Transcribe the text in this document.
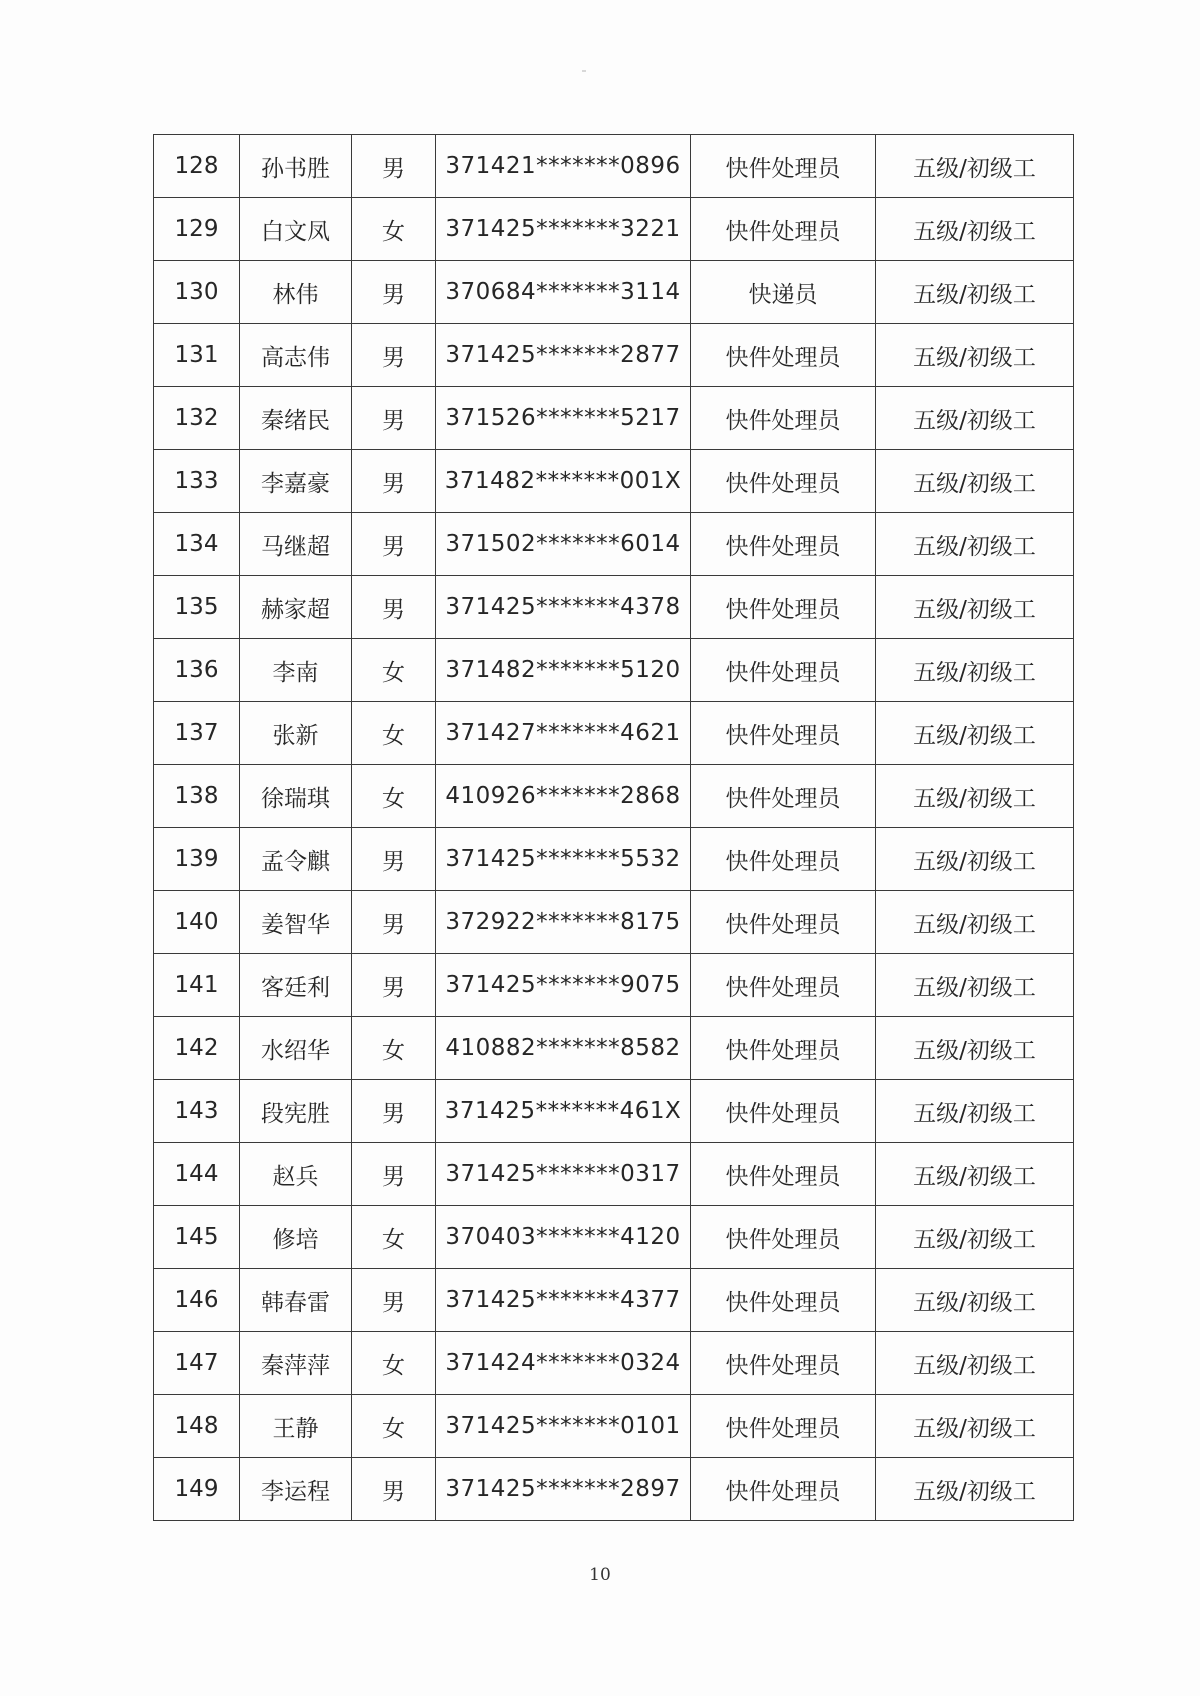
128	孙书胜	男	371421*******0896	快件处理员	五级/初级工
129	白文凤	女	371425*******3221	快件处理员	五级/初级工
130	林伟	男	370684*******3114	快递员	五级/初级工
131	高志伟	男	371425*******2877	快件处理员	五级/初级工
132	秦绪民	男	371526*******5217	快件处理员	五级/初级工
133	李嘉豪	男	371482*******001X	快件处理员	五级/初级工
134	马继超	男	371502*******6014	快件处理员	五级/初级工
135	赫家超	男	371425*******4378	快件处理员	五级/初级工
136	李南	女	371482*******5120	快件处理员	五级/初级工
137	张新	女	371427*******4621	快件处理员	五级/初级工
138	徐瑞琪	女	410926*******2868	快件处理员	五级/初级工
139	孟令麒	男	371425*******5532	快件处理员	五级/初级工
140	姜智华	男	372922*******8175	快件处理员	五级/初级工
141	客廷利	男	371425*******9075	快件处理员	五级/初级工
142	水绍华	女	410882*******8582	快件处理员	五级/初级工
143	段宪胜	男	371425*******461X	快件处理员	五级/初级工
144	赵兵	男	371425*******0317	快件处理员	五级/初级工
145	修培	女	370403*******4120	快件处理员	五级/初级工
146	韩春雷	男	371425*******4377	快件处理员	五级/初级工
147	秦萍萍	女	371424*******0324	快件处理员	五级/初级工
148	王静	女	371425*******0101	快件处理员	五级/初级工
149	李运程	男	371425*******2897	快件处理员	五级/初级工
10
